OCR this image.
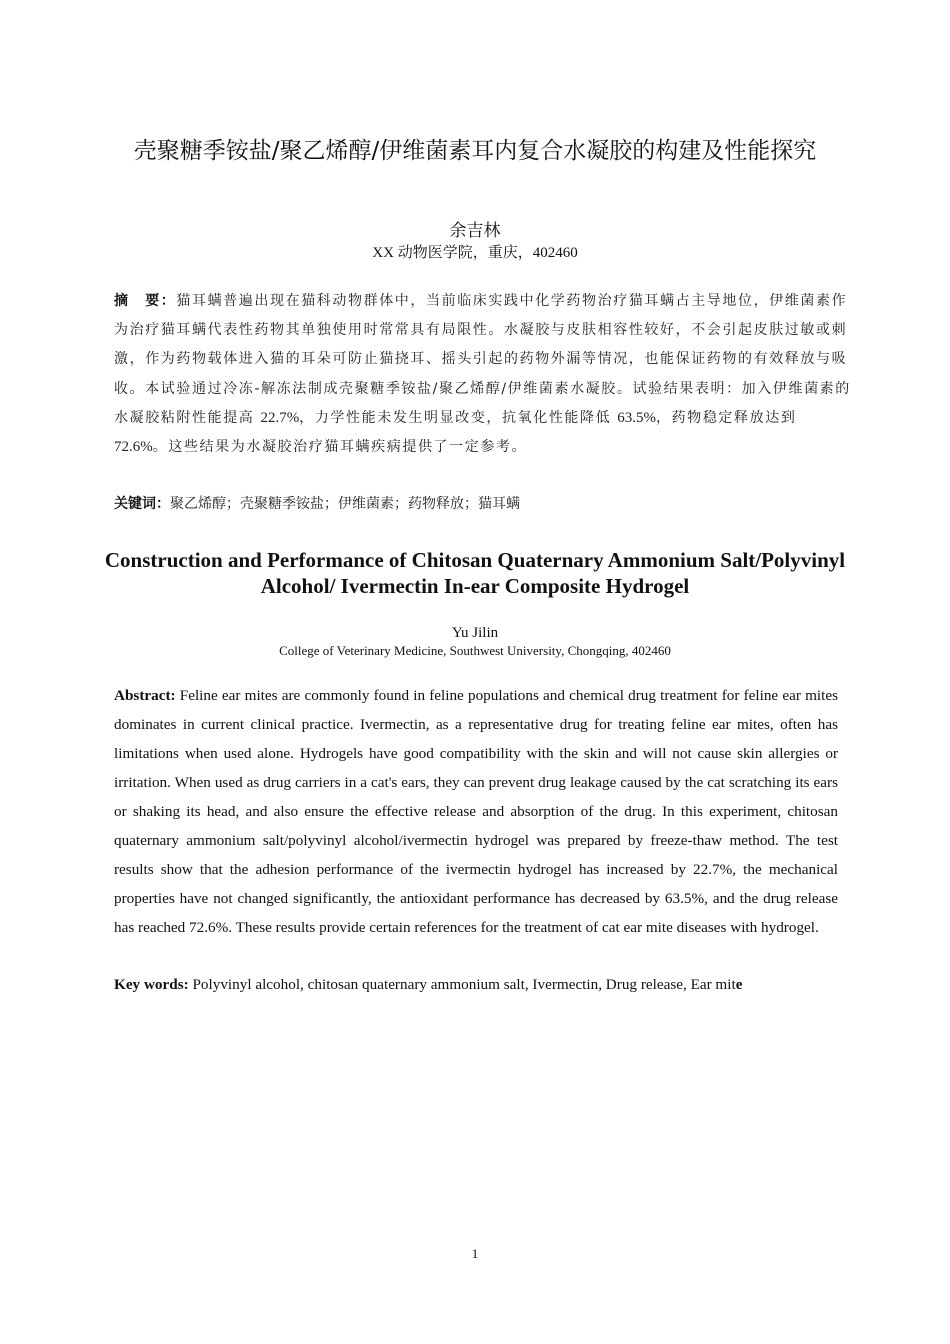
壳聚糖季铵盐/聚乙烯醇/伊维菌素耳内复合水凝胶的构建及性能探究
余吉林
XX 动物医学院，重庆，402460

摘　要：猫耳螨普遍出现在猫科动物群体中，当前临床实践中化学药物治疗猫耳螨占主导地位，伊维菌素作为治疗猫耳螨代表性药物其单独使用时常常具有局限性。水凝胶与皮肤相容性较好，不会引起皮肤过敏或刺激，作为药物载体进入猫的耳朵可防止猫挠耳、摇头引起的药物外漏等情况，也能保证药物的有效释放与吸收。本试验通过冷冻-解冻法制成壳聚糖季铵盐/聚乙烯醇/伊维菌素水凝胶。试验结果表明：加入伊维菌素的水凝胶粘附性能提高 22.7%，力学性能未发生明显改变，抗氧化性能降低 63.5%，药物稳定释放达到 72.6%。这些结果为水凝胶治疗猫耳螨疾病提供了一定参考。

关键词：聚乙烯醇；壳聚糖季铵盐；伊维菌素；药物释放；猫耳螨

Construction and Performance of Chitosan Quaternary Ammonium Salt/Polyvinyl Alcohol/ Ivermectin In-ear Composite Hydrogel
Yu Jilin
College of Veterinary Medicine, Southwest University, Chongqing, 402460

Abstract: Feline ear mites are commonly found in feline populations and chemical drug treatment for feline ear mites dominates in current clinical practice. Ivermectin, as a representative drug for treating feline ear mites, often has limitations when used alone. Hydrogels have good compatibility with the skin and will not cause skin allergies or irritation. When used as drug carriers in a cat's ears, they can prevent drug leakage caused by the cat scratching its ears or shaking its head, and also ensure the effective release and absorption of the drug. In this experiment, chitosan quaternary ammonium salt/polyvinyl alcohol/ivermectin hydrogel was prepared by freeze-thaw method. The test results show that the adhesion performance of the ivermectin hydrogel has increased by 22.7%, the mechanical properties have not changed significantly, the antioxidant performance has decreased by 63.5%, and the drug release has reached 72.6%. These results provide certain references for the treatment of cat ear mite diseases with hydrogel.

Key words: Polyvinyl alcohol, chitosan quaternary ammonium salt, Ivermectin, Drug release, Ear mite

1
